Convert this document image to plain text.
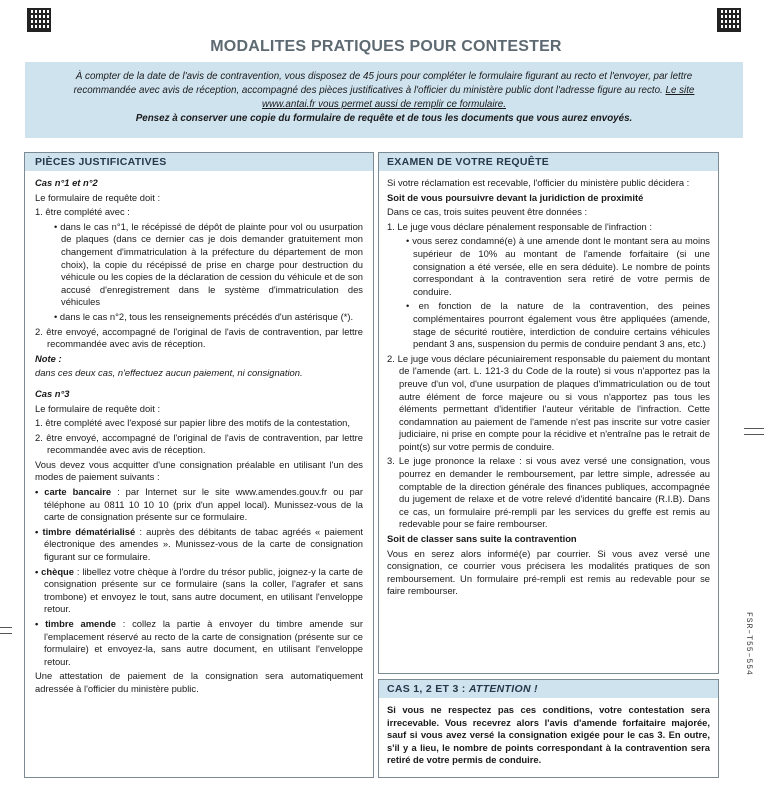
MODALITES PRATIQUES POUR CONTESTER

À compter de la date de l'avis de contravention, vous disposez de 45 jours pour compléter le formulaire figurant au recto et l'envoyer, par lettre recommandée avec avis de réception, accompagné des pièces justificatives à l'officier du ministère public dont l'adresse figure au recto. Le site www.antai.fr vous permet aussi de remplir ce formulaire.

Pensez à conserver une copie du formulaire de requête et de tous les documents que vous aurez envoyés.

PIÈCES JUSTIFICATIVES

Cas n°1 et n°2

Le formulaire de requête doit :

1. être complété avec :

• dans le cas n°1, le récépissé de dépôt de plainte pour vol ou usurpation de plaques (dans ce dernier cas je dois demander gratuitement mon changement d'immatriculation à la préfecture du département de mon choix), la copie du récépissé de prise en charge pour destruction du véhicule ou les copies de la déclaration de cession du véhicule et de son accusé d'enregistrement dans le système d'immatriculation des véhicules

• dans le cas n°2, tous les renseignements précédés d'un astérisque (*).

2. être envoyé, accompagné de l'original de l'avis de contravention, par lettre recommandée avec avis de réception.

Note :

dans ces deux cas, n'effectuez aucun paiement, ni consignation.

Cas n°3

Le formulaire de requête doit :

1. être complété avec l'exposé sur papier libre des motifs de la contestation,

2. être envoyé, accompagné de l'original de l'avis de contravention, par lettre recommandée avec avis de réception.

Vous devez vous acquitter d'une consignation préalable en utilisant l'un des modes de paiement suivants :

• carte bancaire : par Internet sur le site www.amendes.gouv.fr ou par téléphone au 0811 10 10 10 (prix d'un appel local). Munissez-vous de la carte de consignation présente sur ce formulaire.

• timbre dématérialisé : auprès des débitants de tabac agréés « paiement électronique des amendes ». Munissez-vous de la carte de consignation figurant sur ce formulaire.

• chèque : libellez votre chèque à l'ordre du trésor public, joignez-y la carte de consignation présente sur ce formulaire (sans la coller, l'agrafer et sans trombone) et envoyez le tout, sans autre document, en utilisant l'enveloppe retour.

• timbre amende : collez la partie à envoyer du timbre amende sur l'emplacement réservé au recto de la carte de consignation (présente sur ce formulaire) et envoyez-la, sans autre document, en utilisant l'enveloppe retour.

Une attestation de paiement de la consignation sera automatiquement adressée à l'officier du ministère public.

EXAMEN DE VOTRE REQUÊTE

Si votre réclamation est recevable, l'officier du ministère public décidera :

Soit de vous poursuivre devant la juridiction de proximité

Dans ce cas, trois suites peuvent être données :

1. Le juge vous déclare pénalement responsable de l'infraction :

• vous serez condamné(e) à une amende dont le montant sera au moins supérieur de 10% au montant de l'amende forfaitaire (si une consignation a été versée, elle en sera déduite). Le nombre de points correspondant à la contravention sera retiré de votre permis de conduire.

• en fonction de la nature de la contravention, des peines complémentaires pourront également vous être appliquées (amende, stage de sécurité routière, interdiction de conduire certains véhicules pendant 3 ans, suspension du permis de conduire pendant 3 ans, etc.)

2. Le juge vous déclare pécuniairement responsable du paiement du montant de l'amende (art. L. 121-3 du Code de la route) si vous n'apportez pas la preuve d'un vol, d'une usurpation de plaques d'immatriculation ou de tout autre élément de force majeure ou si vous n'apportez pas tous les éléments permettant d'identifier l'auteur véritable de l'infraction. Cette condamnation au paiement de l'amende n'est pas inscrite sur votre casier judiciaire, ni prise en compte pour la récidive et n'entraîne pas le retrait de point(s) sur votre permis de conduire.

3. Le juge prononce la relaxe : si vous avez versé une consignation, vous pourrez en demander le remboursement, par lettre simple, adressée au comptable de la direction générale des finances publiques, accompagnée du jugement de relaxe et de votre relevé d'identité bancaire (R.I.B). Dans ce cas, un formulaire pré-rempli par les services du greffe est remis au redevable pour se faire rembourser.

Soit de classer sans suite la contravention

Vous en serez alors informé(e) par courrier. Si vous avez versé une consignation, ce courrier vous précisera les modalités pratiques de son remboursement. Un formulaire pré-rempli est remis au redevable pour se faire rembourser.

CAS 1, 2 ET 3 : ATTENTION !
Si vous ne respectez pas ces conditions, votre contestation sera irrecevable. Vous recevrez alors l'avis d'amende forfaitaire majorée, sauf si vous avez versé la consignation exigée pour le cas 3. En outre, s'il y a lieu, le nombre de points correspondant à la contravention sera retiré de votre permis de conduire.
FSR–T55–554
